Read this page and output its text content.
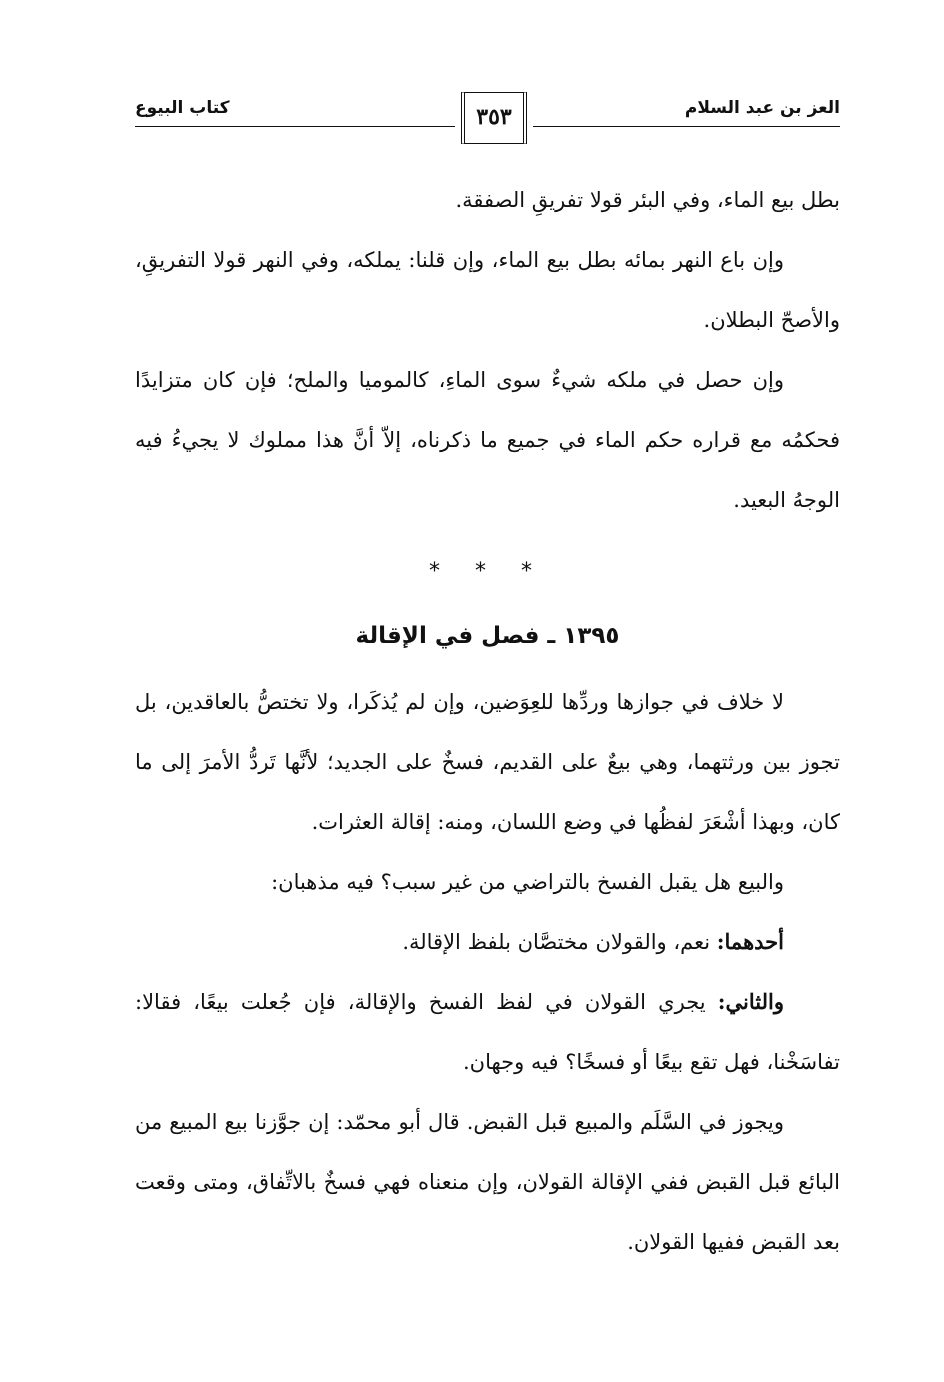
كتاب البيوع	العز بن عبد السلام
٣٥٣

بطل بيع الماء، وفي البئر قولا تفريقِ الصفقة.

وإن باع النهر بمائه بطل بيع الماء، وإن قلنا: يملكه، وفي النهر قولا التفريقِ، والأصحّ البطلان.

وإن حصل في ملكه شيءٌ سوى الماءِ، كالموميا والملح؛ فإن كان متزايدًا فحكمُه مع قراره حكم الماء في جميع ما ذكرناه، إلاّ أنَّ هذا مملوك لا يجيءُ فيه الوجهُ البعيد.

* * *
١٣٩٥ ـ فصل في الإقالة

لا خلاف في جوازها وردِّها للعِوَضين، وإن لم يُذكَرا، ولا تختصُّ بالعاقدين، بل تجوز بين ورثتهما، وهي بيعٌ على القديم، فسخٌ على الجديد؛ لأنَّها تَردُّ الأمرَ إلى ما كان، وبهذا أشْعَرَ لفظُها في وضع اللسان، ومنه: إقالة العثرات.

والبيع هل يقبل الفسخ بالتراضي من غير سبب؟ فيه مذهبان:

أحدهما: نعم، والقولان مختصَّان بلفظ الإقالة.

والثاني: يجري القولان في لفظ الفسخ والإقالة، فإن جُعلت بيعًا، فقالا: تفاسَخْنا، فهل تقع بيعًا أو فسخًا؟ فيه وجهان.

ويجوز في السَّلَم والمبيع قبل القبض. قال أبو محمّد: إن جوَّزنا بيع المبيع من البائع قبل القبض ففي الإقالة القولان، وإن منعناه فهي فسخٌ بالاتِّفاق، ومتى وقعت بعد القبض ففيها القولان.
